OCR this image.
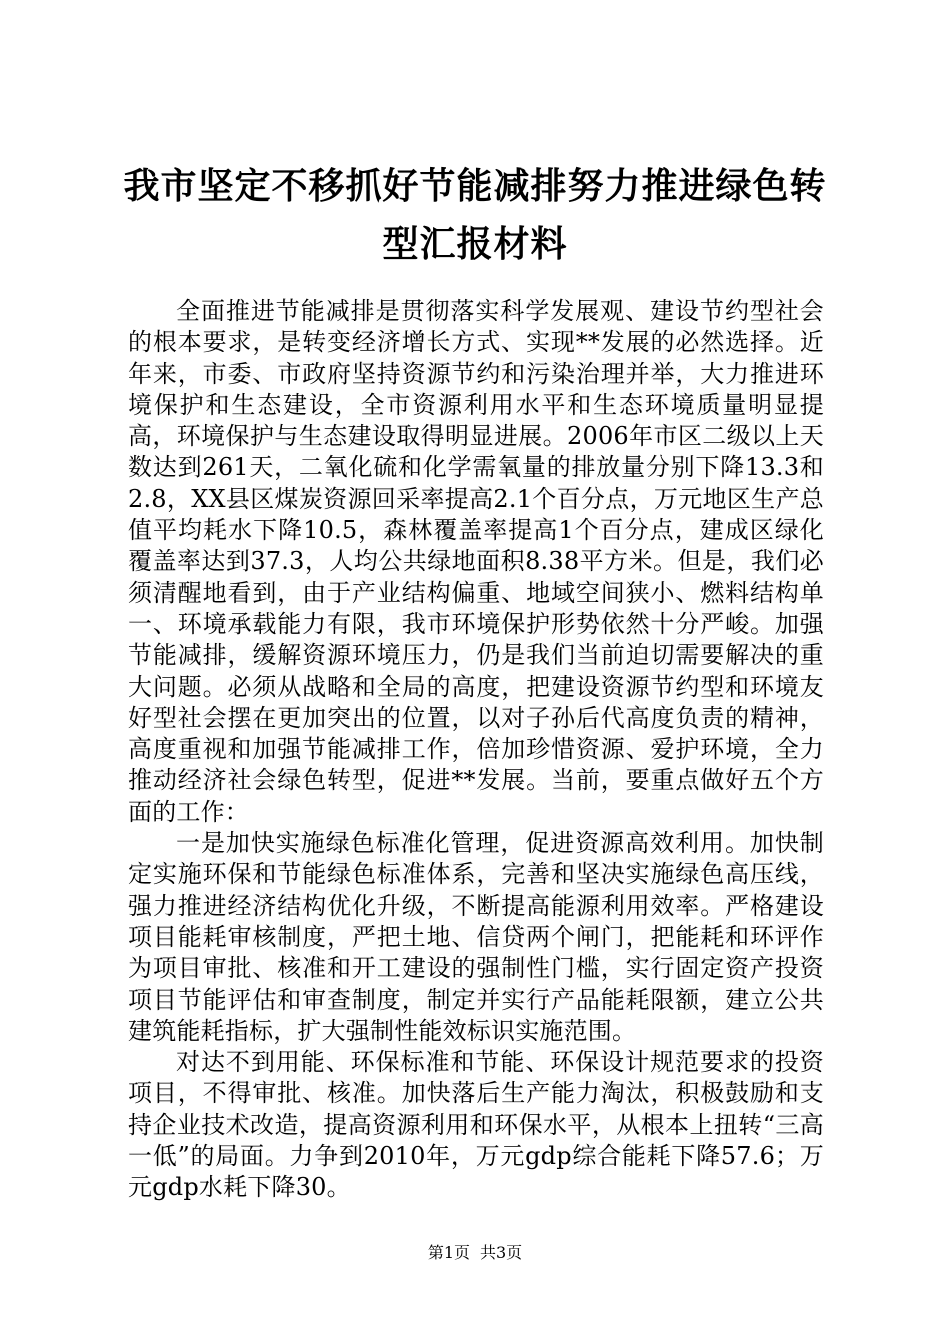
我市坚定不移抓好节能减排努力推进绿色转型汇报材料

全面推进节能减排是贯彻落实科学发展观、建设节约型社会的根本要求，是转变经济增长方式、实现**发展的必然选择。近年来，市委、市政府坚持资源节约和污染治理并举，大力推进环境保护和生态建设，全市资源利用水平和生态环境质量明显提高，环境保护与生态建设取得明显进展。2006年市区二级以上天数达到261天，二氧化硫和化学需氧量的排放量分别下降13.3和2.8，XX县区煤炭资源回采率提高2.1个百分点，万元地区生产总值平均耗水下降10.5，森林覆盖率提高1个百分点，建成区绿化覆盖率达到37.3，人均公共绿地面积8.38平方米。但是，我们必须清醒地看到，由于产业结构偏重、地域空间狭小、燃料结构单一、环境承载能力有限，我市环境保护形势依然十分严峻。加强节能减排，缓解资源环境压力，仍是我们当前迫切需要解决的重大问题。必须从战略和全局的高度，把建设资源节约型和环境友好型社会摆在更加突出的位置，以对子孙后代高度负责的精神，高度重视和加强节能减排工作，倍加珍惜资源、爱护环境，全力推动经济社会绿色转型，促进**发展。当前，要重点做好五个方面的工作：

一是加快实施绿色标准化管理，促进资源高效利用。加快制定实施环保和节能绿色标准体系，完善和坚决实施绿色高压线，强力推进经济结构优化升级，不断提高能源利用效率。严格建设项目能耗审核制度，严把土地、信贷两个闸门，把能耗和环评作为项目审批、核准和开工建设的强制性门槛，实行固定资产投资项目节能评估和审查制度，制定并实行产品能耗限额，建立公共建筑能耗指标，扩大强制性能效标识实施范围。

对达不到用能、环保标准和节能、环保设计规范要求的投资项目，不得审批、核准。加快落后生产能力淘汰，积极鼓励和支持企业技术改造，提高资源利用和环保水平，从根本上扭转“三高一低”的局面。力争到2010年，万元gdp综合能耗下降57.6；万元gdp水耗下降30。

第1页 共3页
